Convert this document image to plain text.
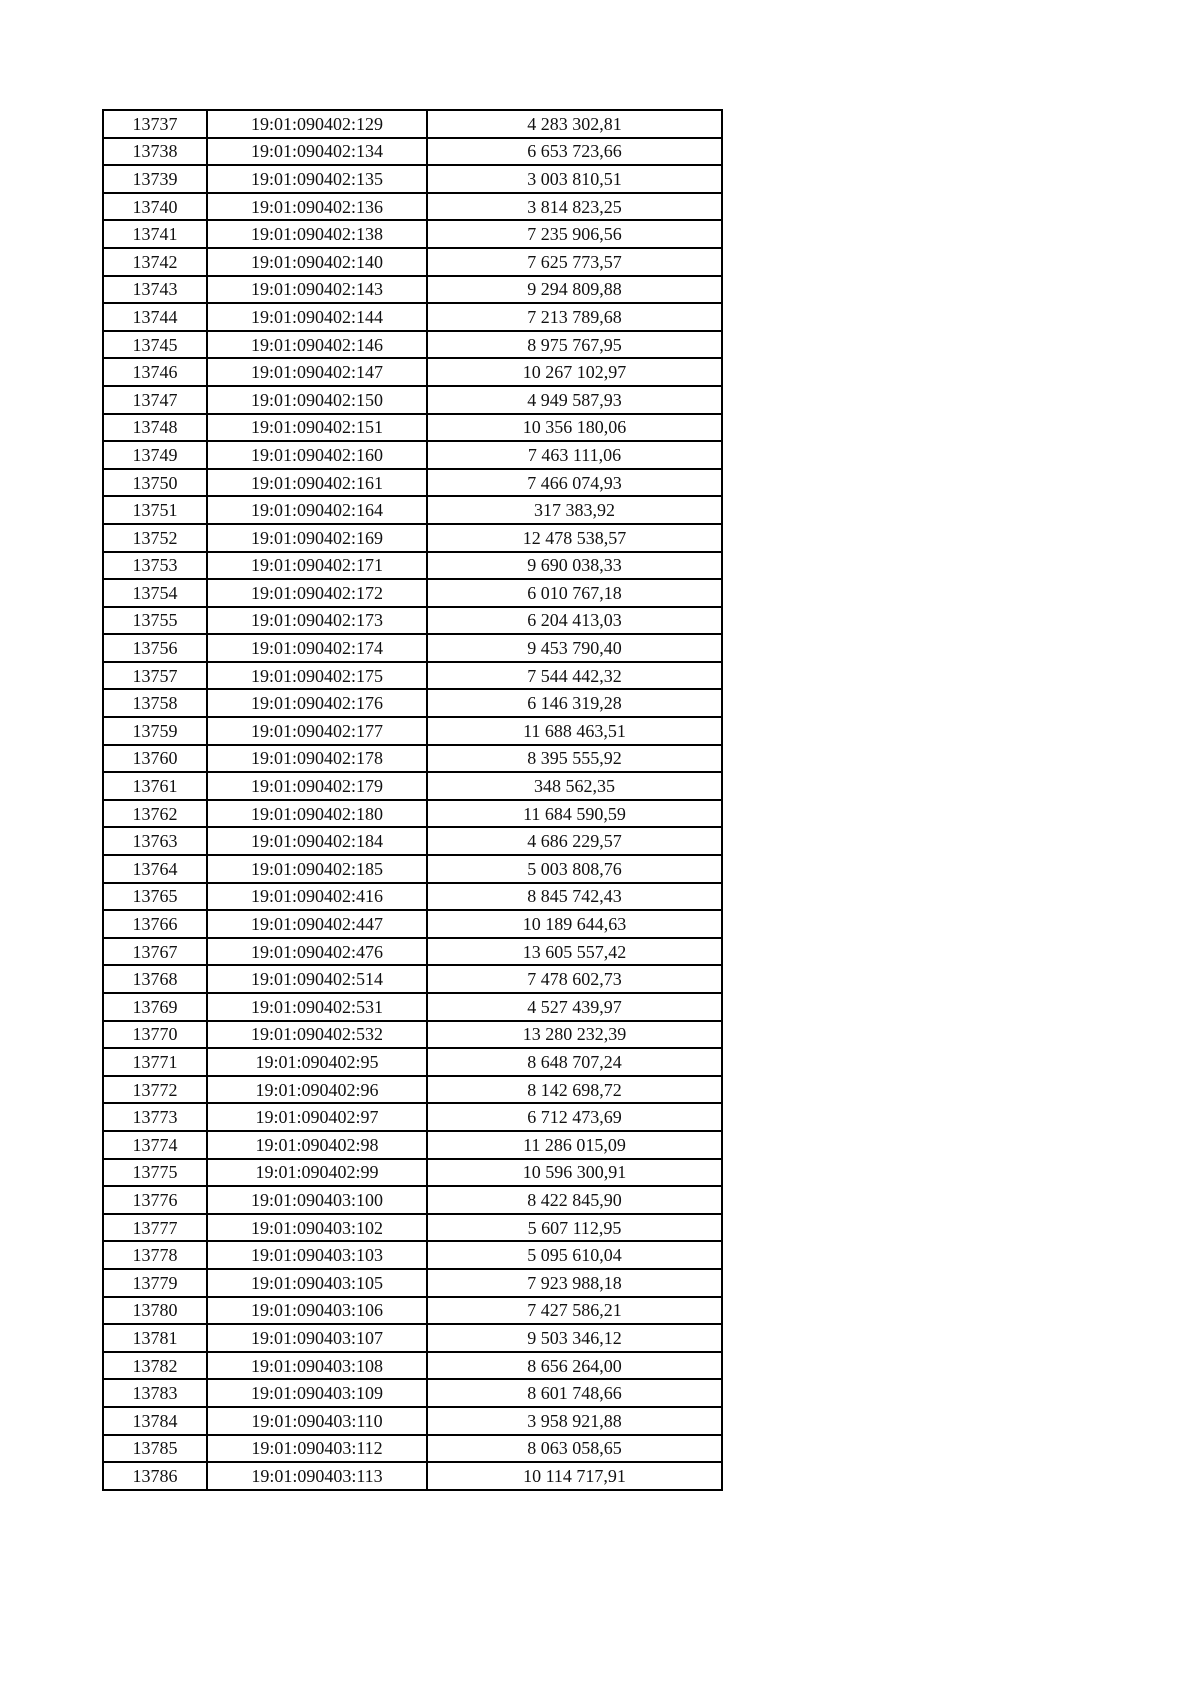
13737	19:01:090402:129	4 283 302,81
13738	19:01:090402:134	6 653 723,66
13739	19:01:090402:135	3 003 810,51
13740	19:01:090402:136	3 814 823,25
13741	19:01:090402:138	7 235 906,56
13742	19:01:090402:140	7 625 773,57
13743	19:01:090402:143	9 294 809,88
13744	19:01:090402:144	7 213 789,68
13745	19:01:090402:146	8 975 767,95
13746	19:01:090402:147	10 267 102,97
13747	19:01:090402:150	4 949 587,93
13748	19:01:090402:151	10 356 180,06
13749	19:01:090402:160	7 463 111,06
13750	19:01:090402:161	7 466 074,93
13751	19:01:090402:164	317 383,92
13752	19:01:090402:169	12 478 538,57
13753	19:01:090402:171	9 690 038,33
13754	19:01:090402:172	6 010 767,18
13755	19:01:090402:173	6 204 413,03
13756	19:01:090402:174	9 453 790,40
13757	19:01:090402:175	7 544 442,32
13758	19:01:090402:176	6 146 319,28
13759	19:01:090402:177	11 688 463,51
13760	19:01:090402:178	8 395 555,92
13761	19:01:090402:179	348 562,35
13762	19:01:090402:180	11 684 590,59
13763	19:01:090402:184	4 686 229,57
13764	19:01:090402:185	5 003 808,76
13765	19:01:090402:416	8 845 742,43
13766	19:01:090402:447	10 189 644,63
13767	19:01:090402:476	13 605 557,42
13768	19:01:090402:514	7 478 602,73
13769	19:01:090402:531	4 527 439,97
13770	19:01:090402:532	13 280 232,39
13771	19:01:090402:95	8 648 707,24
13772	19:01:090402:96	8 142 698,72
13773	19:01:090402:97	6 712 473,69
13774	19:01:090402:98	11 286 015,09
13775	19:01:090402:99	10 596 300,91
13776	19:01:090403:100	8 422 845,90
13777	19:01:090403:102	5 607 112,95
13778	19:01:090403:103	5 095 610,04
13779	19:01:090403:105	7 923 988,18
13780	19:01:090403:106	7 427 586,21
13781	19:01:090403:107	9 503 346,12
13782	19:01:090403:108	8 656 264,00
13783	19:01:090403:109	8 601 748,66
13784	19:01:090403:110	3 958 921,88
13785	19:01:090403:112	8 063 058,65
13786	19:01:090403:113	10 114 717,91
